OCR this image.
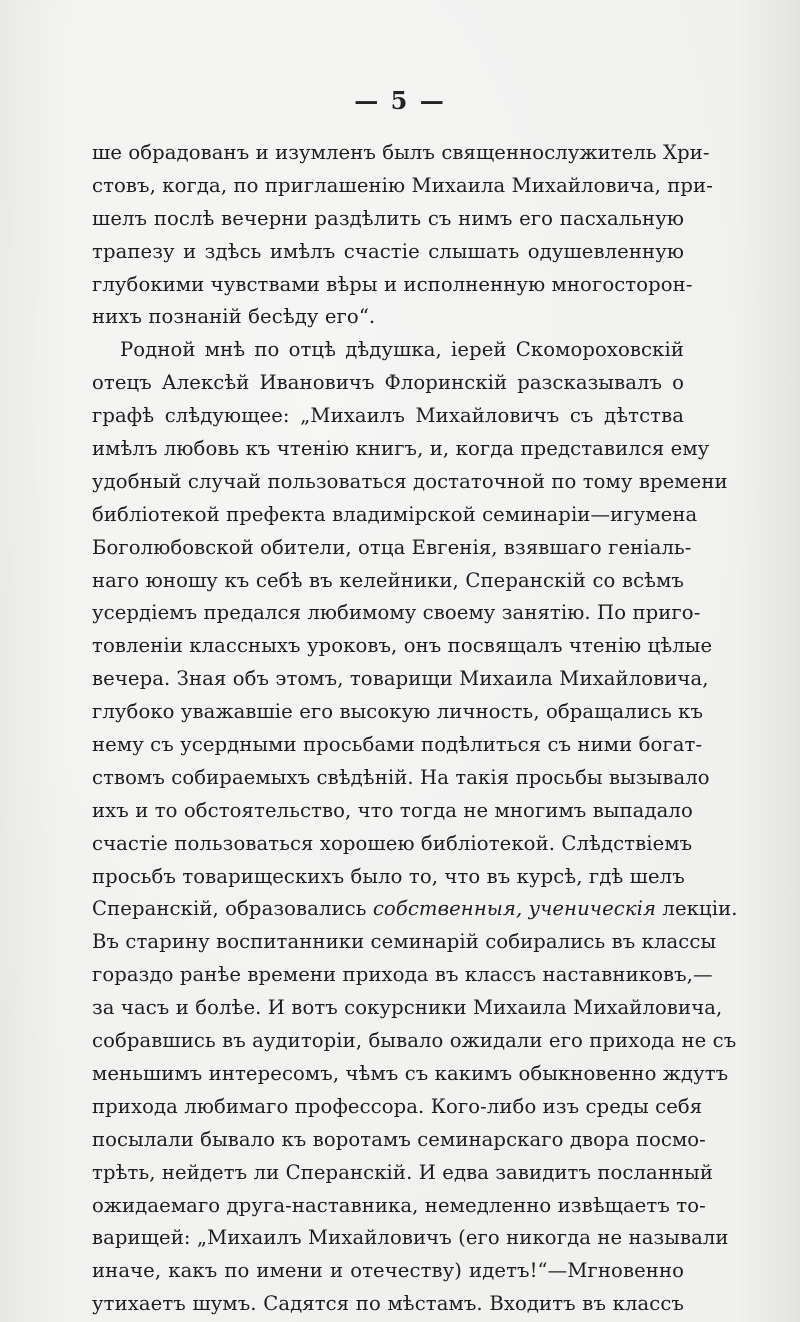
— 5 —
ше обрадованъ и изумленъ былъ священнослужитель Хри-
стовъ, когда, по приглашенію Михаила Михайловича, при-
шелъ послѣ вечерни раздѣлить съ нимъ его пасхальную
трапезу и здѣсь имѣлъ счастіе слышать одушевленную
глубокими чувствами вѣры и исполненную многосторон-
нихъ познаній бесѣду его“.
Родной мнѣ по отцѣ дѣдушка, іерей Скомороховскій
отецъ Алексѣй Ивановичъ Флоринскій разсказывалъ о
графѣ слѣдующее: „Михаилъ Михайловичъ съ дѣтства
имѣлъ любовь къ чтенію книгъ, и, когда представился ему
удобный случай пользоваться достаточной по тому времени
библіотекой префекта владимірской семинаріи—игумена
Боголюбовской обители, отца Евгенія, взявшаго геніаль-
наго юношу къ себѣ въ келейники, Сперанскій со всѣмъ
усердіемъ предался любимому своему занятію. По приго-
товленіи классныхъ уроковъ, онъ посвящалъ чтенію цѣлые
вечера. Зная объ этомъ, товарищи Михаила Михайловича,
глубоко уважавшіе его высокую личность, обращались къ
нему съ усердными просьбами подѣлиться съ ними богат-
ствомъ собираемыхъ свѣдѣній. На такія просьбы вызывало
ихъ и то обстоятельство, что тогда не многимъ выпадало
счастіе пользоваться хорошею библіотекой. Слѣдствіемъ
просьбъ товарищескихъ было то, что въ курсѣ, гдѣ шелъ
Сперанскій, образовались собственныя, ученическія лекціи.
Въ старину воспитанники семинарій собирались въ классы
гораздо ранѣе времени прихода въ классъ наставниковъ,—
за часъ и болѣе. И вотъ сокурсники Михаила Михайловича,
собравшись въ аудиторіи, бывало ожидали его прихода не съ
меньшимъ интересомъ, чѣмъ съ какимъ обыкновенно ждутъ
прихода любимаго профессора. Кого-либо изъ среды себя
посылали бывало къ воротамъ семинарскаго двора посмо-
трѣть, нейдетъ ли Сперанскій. И едва завидитъ посланный
ожидаемаго друга-наставника, немедленно извѣщаетъ то-
варищей: „Михаилъ Михайловичъ (его никогда не называли
иначе, какъ по имени и отечеству) идетъ!“—Мгновенно
утихаетъ шумъ. Садятся по мѣстамъ. Входитъ въ классъ
